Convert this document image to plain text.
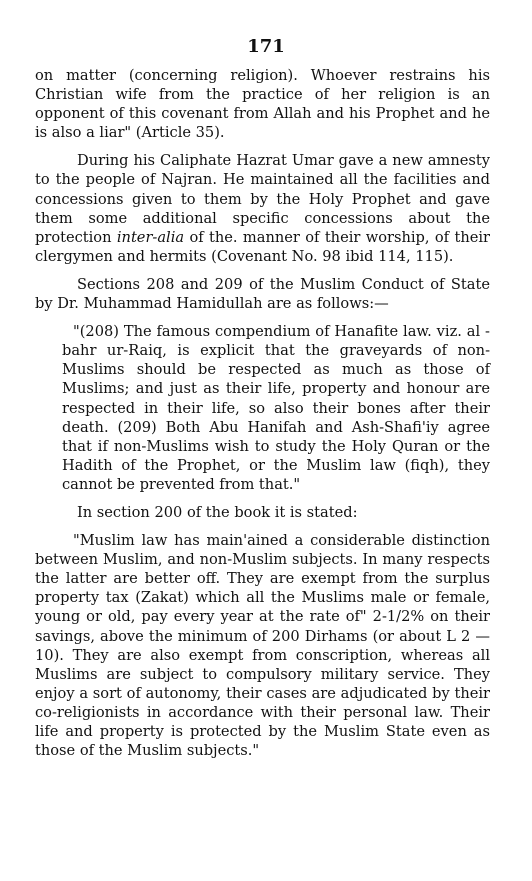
171

on matter (concerning religion). Whoever restrains his Christian wife from the practice of her religion is an opponent of this covenant from Allah and his Prophet and he is also a liar" (Article 35).

During his Caliphate Hazrat Umar gave a new amnesty to the people of Najran. He maintained all the facilities and concessions given to them by the Holy Prophet and gave them some additional specific concessions about the protection inter-alia of the. manner of their worship, of their clergymen and hermits (Covenant No. 98 ibid 114, 115).

Sections 208 and 209 of the Muslim Conduct of State by Dr. Muhammad Hamidullah are as follows:—

"(208) The famous compendium of Hanafite law. viz. al - bahr ur-Raiq, is explicit that the graveyards of non-Muslims should be respected as much as those of Muslims; and just as their life, property and honour are respected in their life, so also their bones after their death. (209) Both Abu Hanifah and Ash-Shafi'iy agree that if non-Muslims wish to study the Holy Quran or the Hadith of the Prophet, or the Muslim law (fiqh), they cannot be prevented from that."

In section 200 of the book it is stated:

"Muslim law has main'ained a considerable distinction between Muslim, and non-Muslim subjects. In many respects the latter are better off. They are exempt from the surplus property tax (Zakat) which all the Muslims male or female, young or old, pay every year at the rate of" 2-1/2% on their savings, above the minimum of 200 Dirhams (or about L 2 — 10). They are also exempt from conscription, whereas all Muslims are subject to compulsory military service. They enjoy a sort of autonomy, their cases are adjudicated by their co-religionists in accordance with their personal law. Their life and property is protected by the Muslim State even as those of the Muslim subjects."
